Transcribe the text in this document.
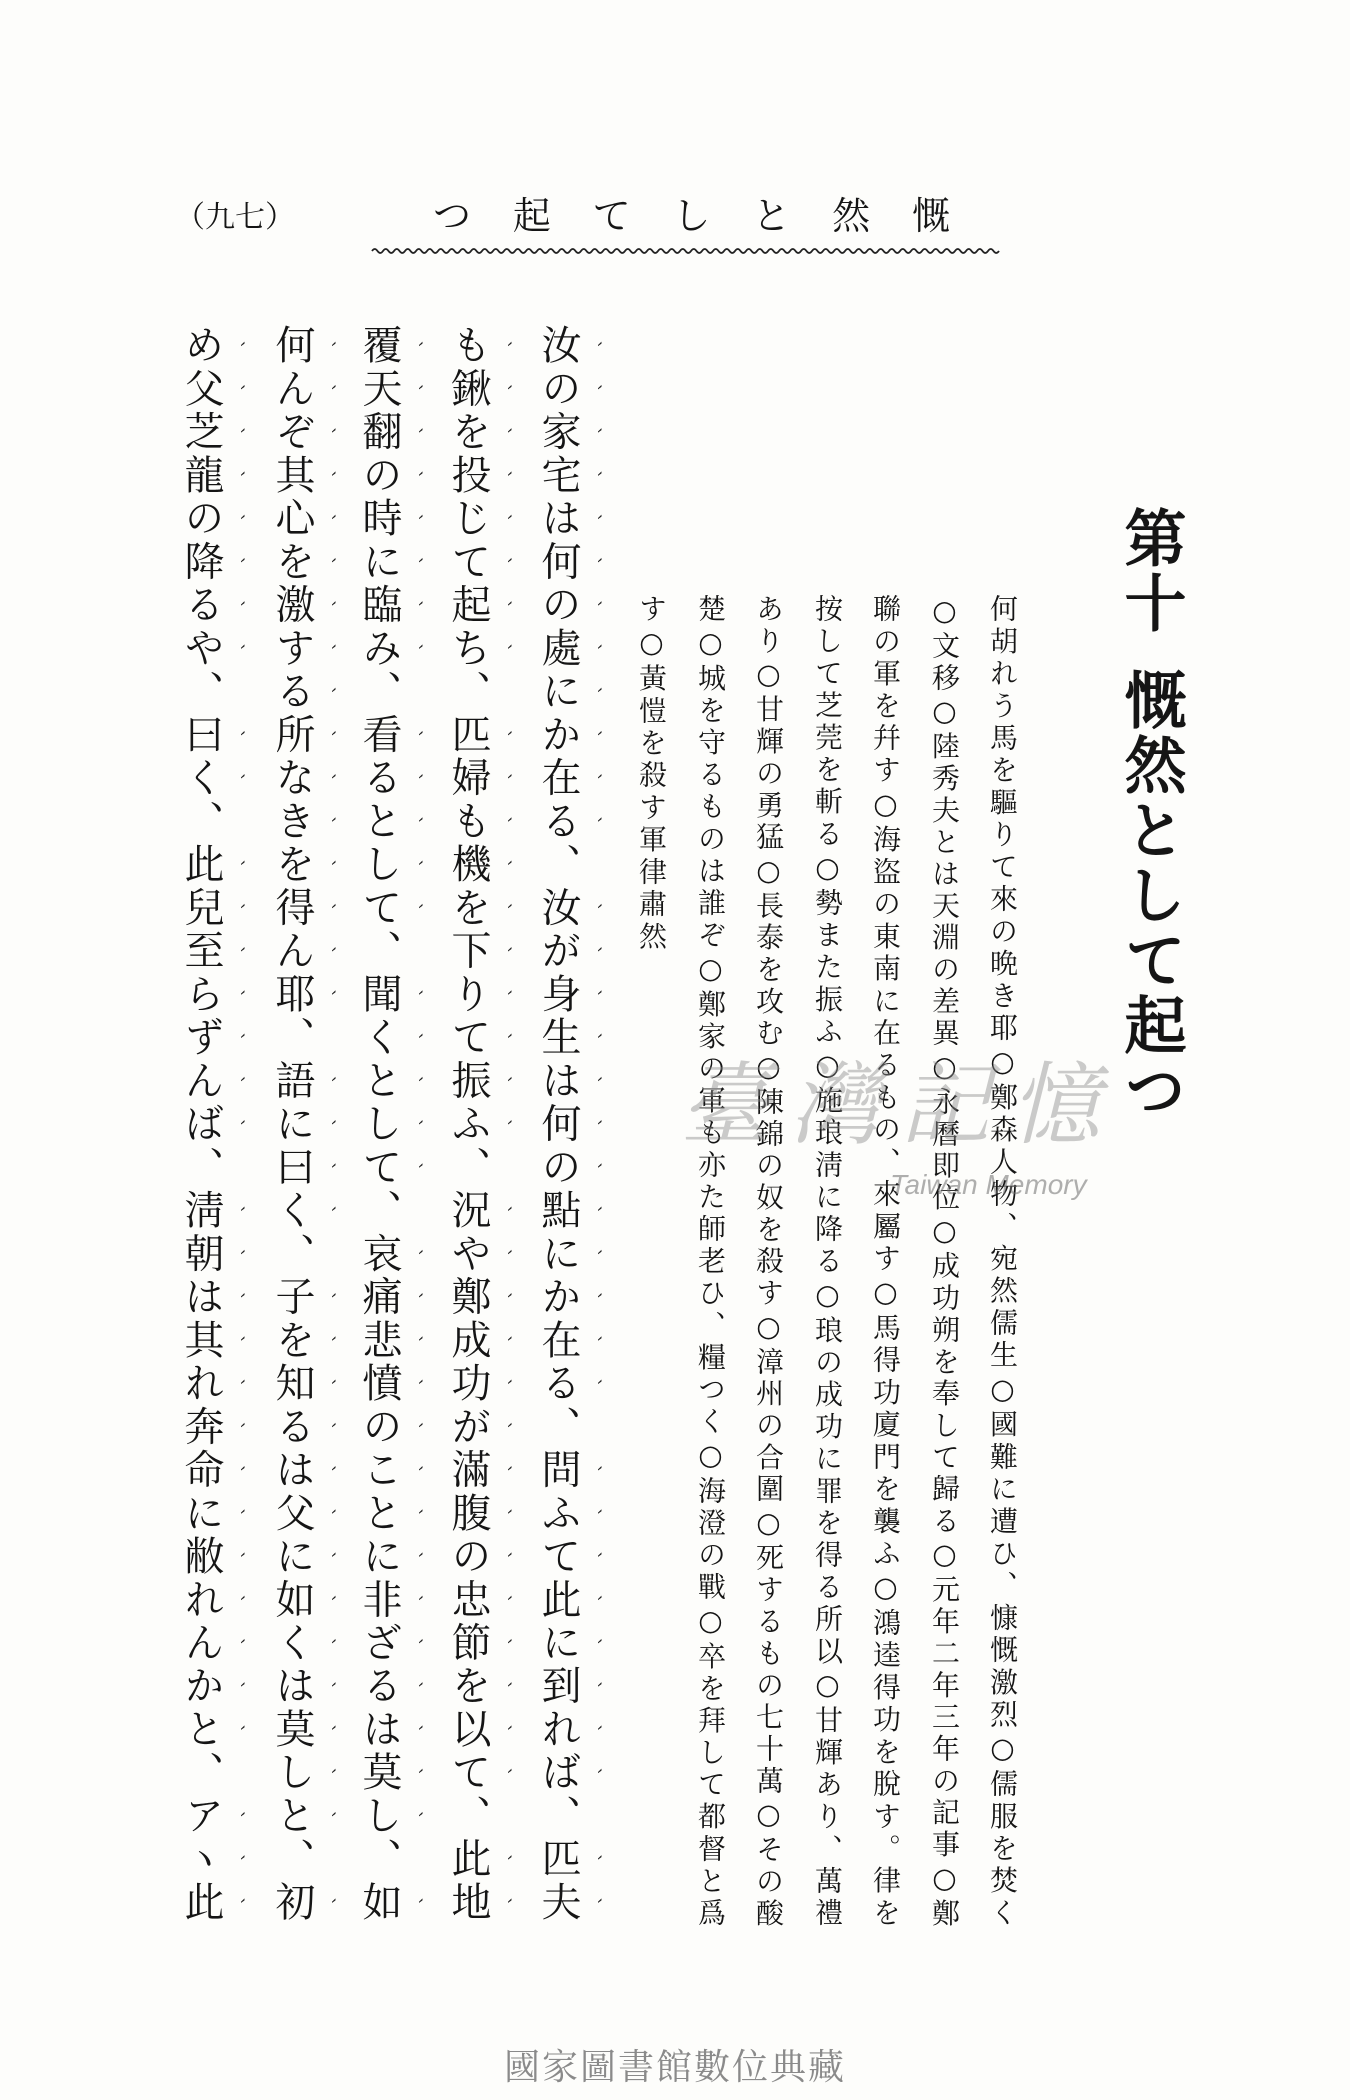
（九七）	慨
然
と
し
て
起
つ
第十
慨然として起つ
何胡れう馬を驅りて來の晩き耶○鄭森人物、宛然儒生○國難に遭ひ、慷慨激烈○儒服を焚く
○文移○陸秀夫とは天淵の差異○永曆即位○成功朔を奉して歸る○元年二年三年の記事○鄭
聯の軍を幷す○海盜の東南に在るもの、來屬す○馬得功廈門を襲ふ○鴻逵得功を脫す。律を
按して芝莞を斬る○勢また振ふ○施琅淸に降る○琅の成功に罪を得る所以○甘輝あり、萬禮
あり○甘輝の勇猛○長泰を攻む○陳錦の奴を殺す○漳州の合圍○死するもの七十萬○その酸
楚○城を守るものは誰ぞ○鄭家の軍も亦た師老ひ、糧つく○海澄の戰○卒を拜して都督と爲
す○黃愷を殺す軍律肅然
汝の家宅は何の處にか在る、汝が身生は何の點にか在る、問ふて此に到れば、匹夫
も鍬を投じて起ち、匹婦も機を下りて振ふ、況や鄭成功が滿腹の忠節を以て、此地
覆天翻の時に臨み、看るとして、聞くとして、哀痛悲憤のことに非ざるは莫し、如
何んぞ其心を激する所なきを得ん耶、語に曰く、子を知るは父に如くは莫しと、初
め父芝龍の降るや、曰く、此兒至らずんば、淸朝は其れ奔命に敝れんかと、アヽ此	臺灣記憶
Taiwan Memory
國家圖書館數位典藏
